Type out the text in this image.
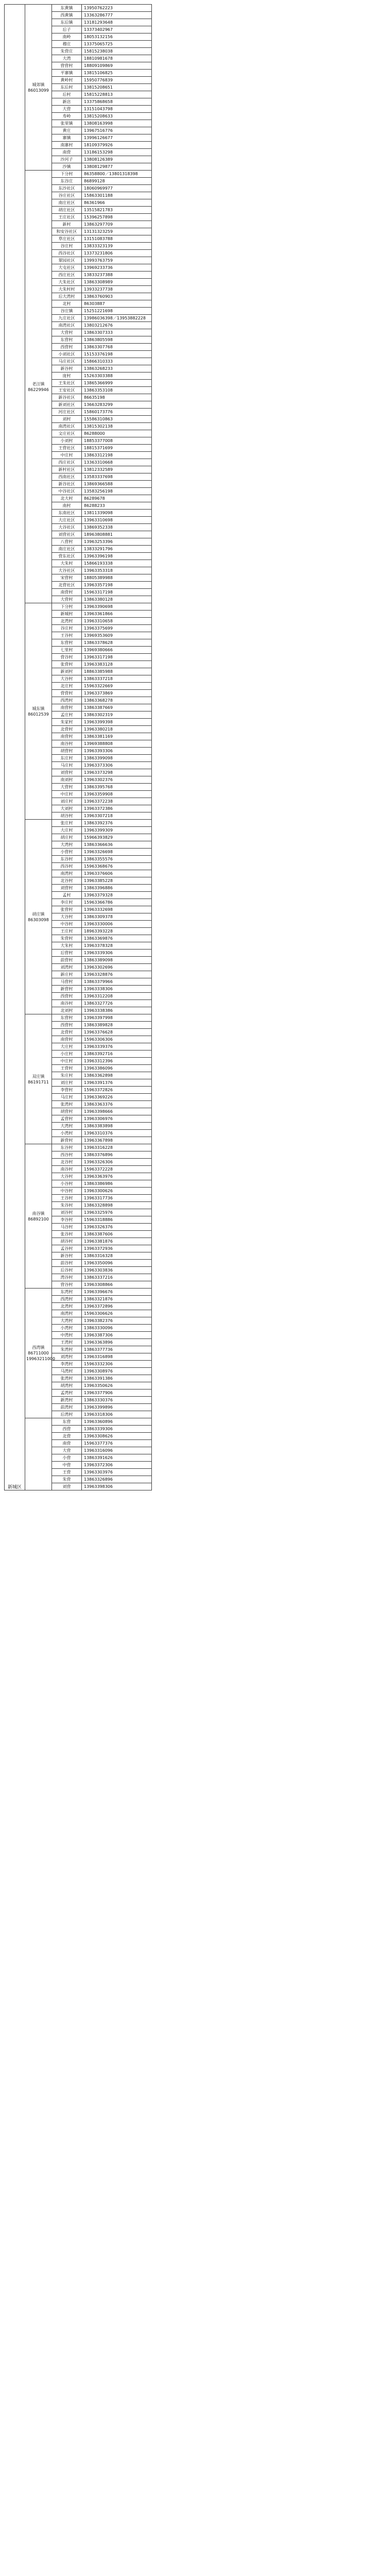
新城区	城郊镇
86013099	东黄镇	13950762223
		西黄镇	13363286777
		东后镇	13181293648
		后子	13373402967
		南岭	18053132156
		穆庄	13375065725
		朱营庄	15815238038
		大湾	18810981678
		营营村	18809109869
		平寨镇	13815106825
		黄岭村	15950776839
		东后村	13815208651
		后村	15815228813
		新店	13375868658
		大营	13151043798
		寿岭	13815208633
		张里镇	13808163998
		黄庄	13967516776
		寨镇	13996126677
		南寨村	18109379926
		南营	13186153298
		沙河子	13808126389
		沙镇	13808129877

	老汪镇
86229946	下分村	86358800／13801318398
		东谷庄	86899128
		东沙社区	18060969977
		谷庄社区	15863301188
		南庄社区	86361966
		胡庄社区	13515821783
		王庄社区	15396257898
		新村	13863297709
		和安谷社区	13131323259
		草庄社区	13151083788
		谷庄村	13833323139
		西谷社区	13373231806
		翠园社区	13993763759
		大屯社区	13969233736
		西庄社区	13833237388
		大朱社区	13863308989
		大朱村村	13933237738
		后大湾村	13863760903
		北村	86303887
		谷庄镇	15251221698
		九庄社区	13986036398／13953882228
		南湾社区	13803212676
		大营村	13863307333
		东营村	13863805598
		西营村	13863307768
		小刘社区	15153376198
		马庄社区	15866310333
		新谷村	13863268233
		庞村	15263303388
		王朱社区	13865366999
		王安社区	13863353108
		新谷社区	86635198
		新刘社区	13663283299
		河庄社区	15860173776
		刘村	15586310863
		南湾社区	13815302138
		文庄社区	86288000
		小刘村	18853377008
		王营社区	18815371699
		中庄村	13863312198
		西庄社区	13363310668
		新村社区	13812332589
		西南社区	13583337698
		新谷社区	13869366588
		中谷社区	13583256198
		北大村	86289678
		南村	86288233
		东南社区	13811339098
		大庄社区	13963310698
		大谷社区	13869352338
		刘营社区	18963808881
		八营村	13963253396
		南庄社区	13833291796
		营东社区	13963396198
		大朱村	15866193338
		大谷社区	13963353318
		宋营村	18805389988
		北营社区	13963357198
		南营村	15963317198
		大营村	13863380128

	城东镇
86012539	下分村	13963390698
		新城村	13963361866
		北湾村	13963310658
		谷庄村	13963375699
		王谷村	13969353609
		东营村	13863378628
		七里村	13969380666
		营谷村	13963317198
		张营村	13963383128
		新刘村	18863385988
		大谷村	13863337218
		北庄村	15963322669
		营营村	13963373869
		西湾村	13863368278
		南营村	13863387669
		孟庄村	13863302319
		朱家村	13963399398
		北营村	13963380218
		南营村	13863381169
		南谷村	13969388808
		胡营村	13963393306
		东庄村	13863399098
		马庄村	13963373306
		刘营村	13963373298
		南刘村	13963302376
		大营村	13863395768
		中庄村	13963359908
		刘庄村	13963372238
		大刘村	13963372386
		胡谷村	13963307218

	胡庄镇
86303098	张庄村	13863392376
		大庄村	13963399309
		胡庄村	15966393829
		大湾村	13863366636
		小营村	13963326698
		东谷村	13863355576
		西谷村	15963368676
		南湾村	13963376606
		北谷村	13963385228
		刘营村	13863396886
		孟村	13963379328
		李庄村	15963366786
		张营村	13963332698
		大谷村	13863309378
		中谷村	13963330006
		王庄村	18963393228
		朱营村	13863369876
		大朱村	13963378328
		后营村	13963339306
		前营村	13863389098
		刘湾村	13963302696
		新庄村	13963328876
		马营村	13863379966
		新营村	13963338306
		西营村	13963312208
		南谷村	13863327726
		北刘村	13963338386

	双庄镇
86191711	东营村	13963397998
		西营村	13863389828
		北营村	13963376628
		南营村	15963306306
		大庄村	13963339376
		小庄村	13863392716
		中庄村	13963312396
		王营村	13963386096
		朱庄村	13863362898
		刘庄村	13963391376
		李营村	15963372826
		马庄村	13963369226
		张湾村	13863363376
		胡营村	13963398666
		孟营村	13963306976
		大湾村	13863383898
		小湾村	13963310376
		新营村	13963367898

	南谷镇
86892100	东谷村	13963316228
		西谷村	13863376896
		北谷村	13963326306
		南谷村	15963372228
		大谷村	13963363976
		小谷村	13863386986
		中谷村	13963300626
		王谷村	13963317736
		朱谷村	13863328898
		刘谷村	13963325976
		李谷村	15963318886
		马谷村	13963326376
		张谷村	13863387606
		胡谷村	13963381876
		孟谷村	13963372936
		新谷村	13863316328
		前谷村	13963350096
		后谷村	13963303836
		湾谷村	13863337216
		营谷村	13963308866

	西湾镇
86711000
19963211000	东湾村	13963396676
		西湾村	13863321876
		北湾村	13963372896
		南湾村	15963306626
		大湾村	13963382376
		小湾村	13863330096
		中湾村	13963387306
		王湾村	13963363896
		朱湾村	13863377736
		刘湾村	13963316898
		李湾村	15963332306
		马湾村	13963308976
		张湾村	13863391386
		胡湾村	13963350626
		孟湾村	13963377906
		新湾村	13863330376
		前湾村	13963399896
		后湾村	13963318306

		东营	13963360896
		西营	13863339306
		北营	13963308626
		南营	15963377376
		大营	13963316096
		小营	13863391626
		中营	13963372306
		王营	13963303976
		朱营	13863326896
		刘营	13963398306
